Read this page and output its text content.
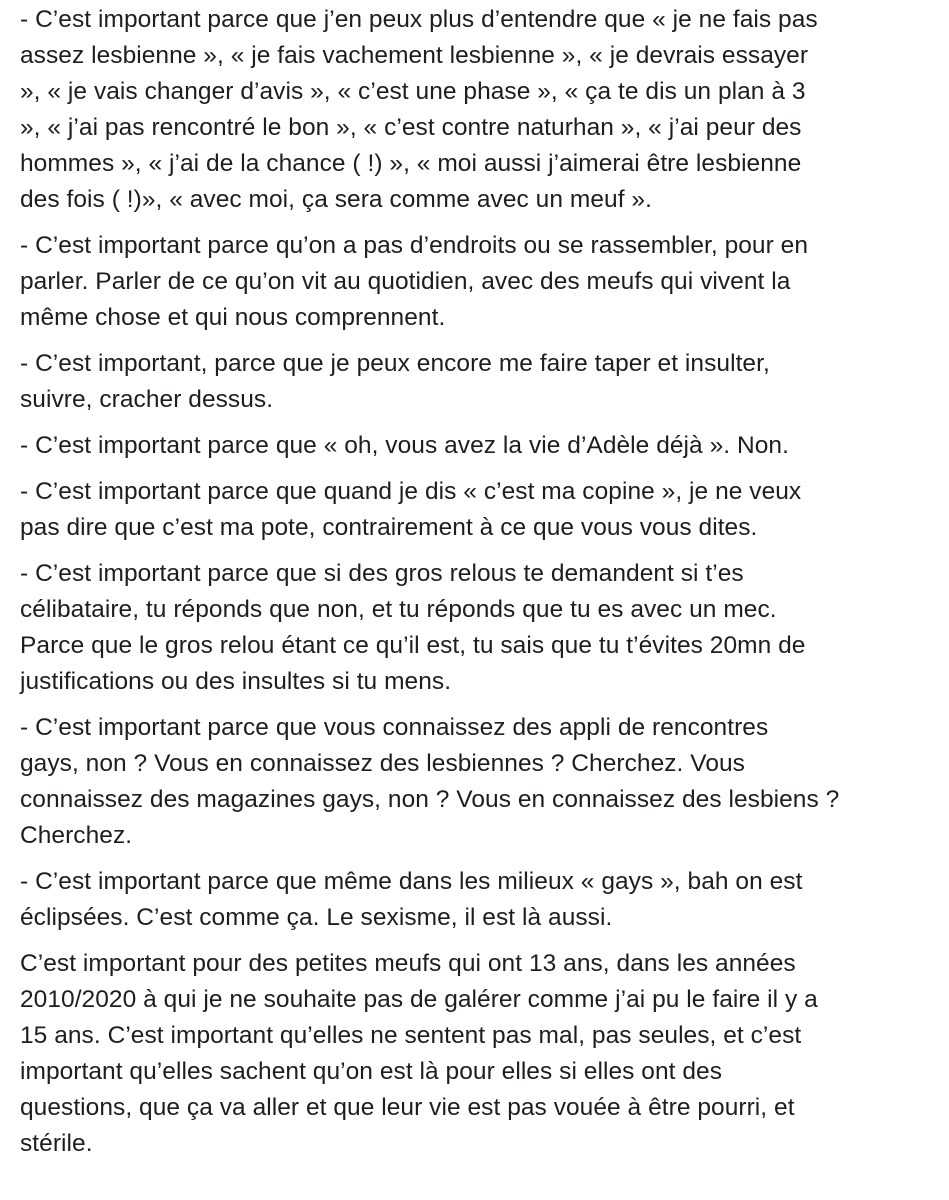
- C’est important parce que j’en peux plus d’entendre que « je ne fais pas
assez lesbienne », « je fais vachement lesbienne », « je devrais essayer
», « je vais changer d’avis », « c’est une phase », « ça te dis un plan à 3
», « j’ai pas rencontré le bon », « c’est contre naturhan », « j’ai peur des
hommes », « j’ai de la chance ( !) », « moi aussi j’aimerai être lesbienne
des fois ( !)», « avec moi, ça sera comme avec un meuf ».
- C’est important parce qu’on a pas d’endroits ou se rassembler, pour en
parler. Parler de ce qu’on vit au quotidien, avec des meufs qui vivent la
même chose et qui nous comprennent.
- C’est important, parce que je peux encore me faire taper et insulter,
suivre, cracher dessus.
- C’est important parce que « oh, vous avez la vie d’Adèle déjà ». Non.
- C’est important parce que quand je dis « c’est ma copine », je ne veux
pas dire que c’est ma pote, contrairement à ce que vous vous dites.
- C’est important parce que si des gros relous te demandent si t’es
célibataire, tu réponds que non, et tu réponds que tu es avec un mec.
Parce que le gros relou étant ce qu’il est, tu sais que tu t’évites 20mn de
justifications ou des insultes si tu mens.
- C’est important parce que vous connaissez des appli de rencontres
gays, non ? Vous en connaissez des lesbiennes ? Cherchez. Vous
connaissez des magazines gays, non ? Vous en connaissez des lesbiens ?
Cherchez.
- C’est important parce que même dans les milieux « gays », bah on est
éclipsées. C’est comme ça. Le sexisme, il est là aussi.
C’est important pour des petites meufs qui ont 13 ans, dans les années
2010/2020 à qui je ne souhaite pas de galérer comme j’ai pu le faire il y a
15 ans. C’est important qu’elles ne sentent pas mal, pas seules, et c’est
important qu’elles sachent qu’on est là pour elles si elles ont des
questions, que ça va aller et que leur vie est pas vouée à être pourri, et
stérile.
